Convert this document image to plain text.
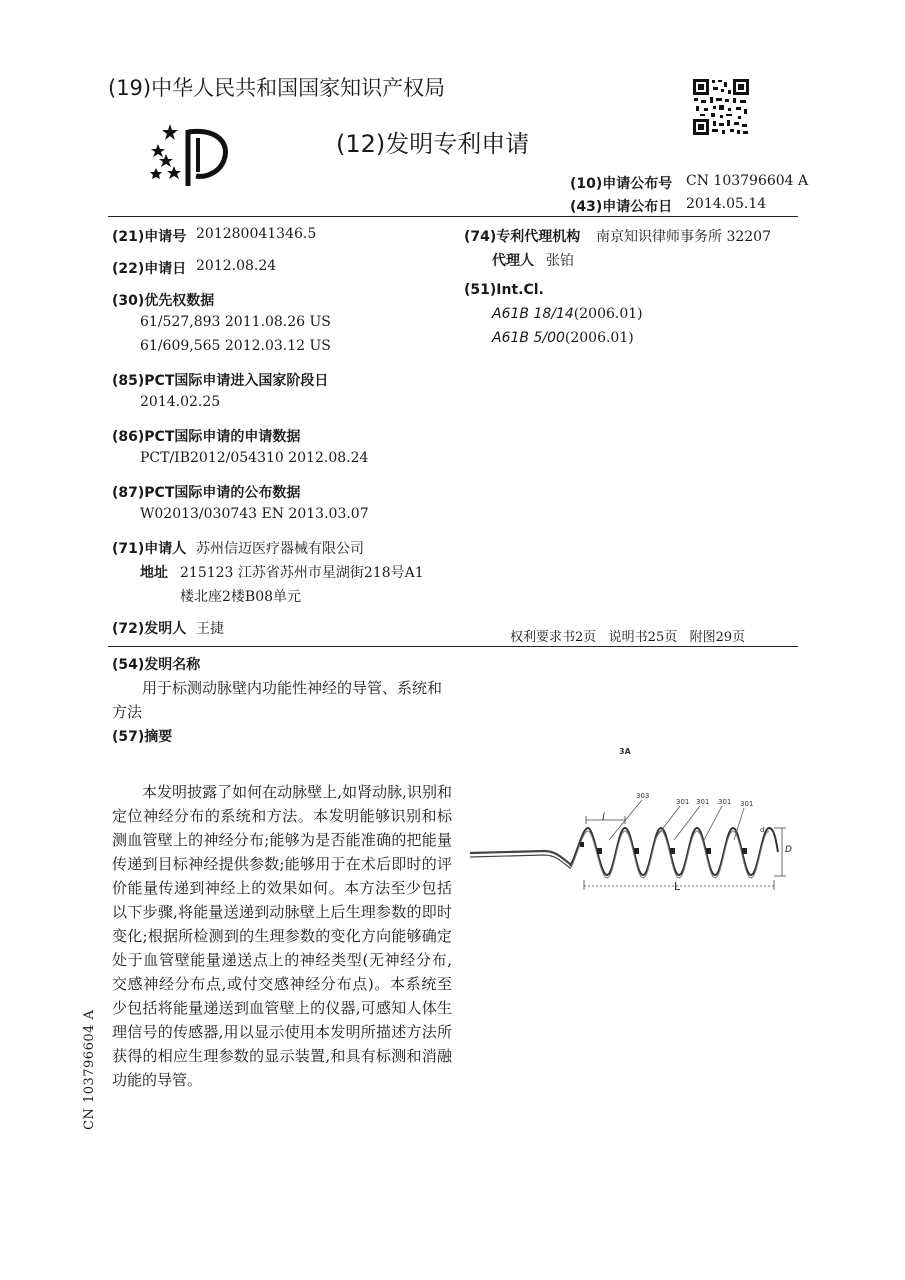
(19)中华人民共和国国家知识产权局
(12)发明专利申请
(10)申请公布号 CN 103796604 A
(43)申请公布日 2014.05.14
(21)申请号 201280041346.5
(22)申请日 2012.08.24
(30)优先权数据
61/527,893 2011.08.26 US
61/609,565 2012.03.12 US
(85)PCT国际申请进入国家阶段日
2014.02.25
(86)PCT国际申请的申请数据
PCT/IB2012/054310 2012.08.24
(87)PCT国际申请的公布数据
W02013/030743 EN 2013.03.07
(71)申请人 苏州信迈医疗器械有限公司
地址 215123 江苏省苏州市星湖街218号A1
楼北座2楼B08单元
(72)发明人 王捷
(74)专利代理机构 南京知识律师事务所 32207
代理人 张铂
(51)Int.Cl.
A61B 18/14(2006.01)
A61B 5/00(2006.01)
权利要求书2页   说明书25页   附图29页
(54)发明名称
用于标测动脉壁内功能性神经的导管、系统和方法
(57)摘要
本发明披露了如何在动脉壁上,如肾动脉,识别和定位神经分布的系统和方法。本发明能够识别和标测血管壁上的神经分布;能够为是否能准确的把能量传递到目标神经提供参数;能够用于在术后即时的评价能量传递到神经上的效果如何。本方法至少包括以下步骤,将能量送递到动脉壁上后生理参数的即时变化;根据所检测到的生理参数的变化方向能够确定处于血管壁能量递送点上的神经类型(无神经分布,交感神经分布点,或付交感神经分布点)。本系统至少包括将能量递送到血管壁上的仪器,可感知人体生理信号的传感器,用以显示使用本发明所描述方法所获得的相应生理参数的显示装置,和具有标测和消融功能的导管。
3A
303
301 301 301 301
l
d
D
L
CN 103796604 A
